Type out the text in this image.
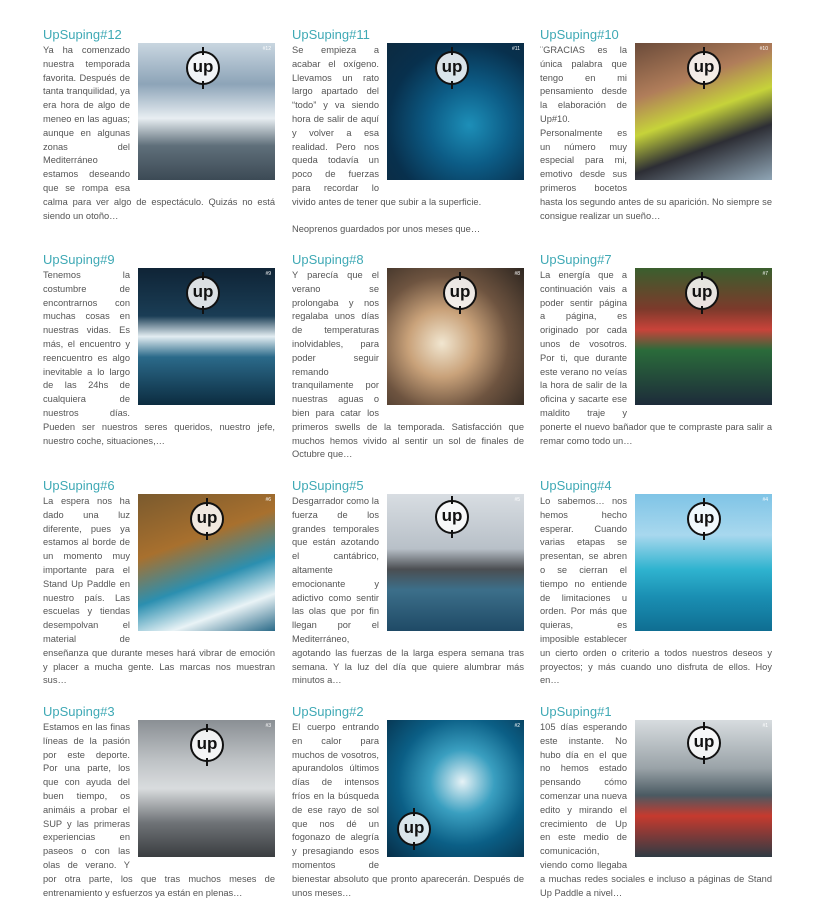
UpSuping#12
up
#12

Ya ha comenzado nuestra temporada favorita. Después de tanta tranquilidad, ya era hora de algo de meneo en las aguas; aunque en algunas zonas del Mediterráneo estamos deseando que se rompa esa calma para ver algo de espectáculo. Quizás no está siendo un otoño…

UpSuping#11
up
#11

Se empieza a acabar el oxígeno. Llevamos un rato largo apartado del “todo” y va siendo hora de salir de aquí y volver a esa realidad. Pero nos queda todavía un poco de fuerzas para recordar lo vivido antes de tener que subir a la superficie.

Neoprenos guardados por unos meses que…

UpSuping#10
up
#10

¨GRACIAS es la única palabra que tengo en mi pensamiento desde la elaboración de Up#10. Personalmente es un número muy especial para mi, emotivo desde sus primeros bocetos hasta los segundo antes de su aparición. No siempre se consigue realizar un sueño…

UpSuping#9
up
#9

Tenemos la costumbre de encontrarnos con muchas cosas en nuestras vidas. Es más, el encuentro y reencuentro es algo inevitable a lo largo de las 24hs de cualquiera de nuestros días. Pueden ser nuestros seres queridos, nuestro jefe, nuestro coche, situaciones,…

UpSuping#8
up
#8

Y parecía que el verano se prolongaba y nos regalaba unos días de temperaturas inolvidables, para poder seguir remando tranquilamente por nuestras aguas o bien para catar los primeros swells de la temporada. Satisfacción que muchos hemos vivido al sentir un sol de finales de Octubre que…

UpSuping#7
up
#7

La energía que a continuación vais a poder sentir página a página, es originado por cada unos de vosotros. Por ti, que durante este verano no veías la hora de salir de la oficina y sacarte ese maldito traje y ponerte el nuevo bañador que te compraste para salir a remar como todo un…

UpSuping#6
up
#6

La espera nos ha dado una luz diferente, pues ya estamos al borde de un momento muy importante para el Stand Up Paddle en nuestro país. Las escuelas y tiendas desempolvan el material de enseñanza que durante meses hará vibrar de emoción y placer a mucha gente. Las marcas nos muestran sus…

UpSuping#5
up
#5

Desgarrador como la fuerza de los grandes temporales que están azotando el cantábrico, altamente emocionante y adictivo como sentir las olas que por fin llegan por el Mediterráneo, agotando las fuerzas de la larga espera semana tras semana. Y la luz del día que quiere alumbrar más minutos a…

UpSuping#4
up
#4

Lo sabemos… nos hemos hecho esperar. Cuando varias etapas se presentan, se abren o se cierran el tiempo no entiende de limitaciones u orden. Por más que quieras, es imposible establecer un cierto orden o criterio a todos nuestros deseos y proyectos; y más cuando uno disfruta de ellos. Hoy en…

UpSuping#3
up
#3

Estamos en las finas líneas de la pasión por este deporte. Por una parte, los que con ayuda del buen tiempo, os animáis a probar el SUP y las primeras experiencias en paseos o con las olas de verano. Y por otra parte, los que tras muchos meses de entrenamiento y esfuerzos ya están en plenas…

UpSuping#2
up
#2

El cuerpo entrando en calor para muchos de vosotros, apurandolos últimos días de intensos fríos en la búsqueda de ese rayo de sol que nos dé un fogonazo de alegría y presagiando esos momentos de bienestar absoluto que pronto aparecerán. Después de unos meses…

UpSuping#1
up
#1

105 días esperando este instante. No hubo día en el que no hemos estado pensando cómo comenzar una nueva edito y mirando el crecimiento de Up en este medio de comunicación, viendo como llegaba a muchas redes sociales e incluso a páginas de Stand Up Paddle a nivel…
